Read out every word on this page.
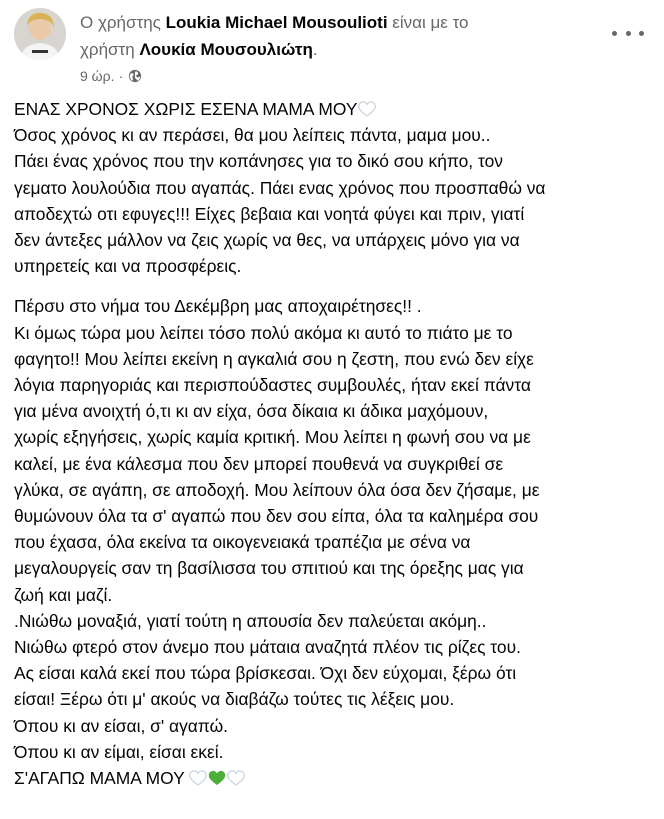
Ο χρήστης Loukia Michael Mousoulioti είναι με το
χρήστη Λουκία Μουσουλιώτη.
9 ώρ. ·

ΕΝΑΣ ΧΡΟΝΟΣ ΧΩΡΙΣ ΕΣΕΝΑ ΜΑΜΑ ΜΟΥ

Όσος χρόνος κι αν περάσει, θα μου λείπεις πάντα, μαμα μου..

Πάει ένας χρόνος που την κοπάνησες για το δικό σου κήπο, τον

γεματο λουλούδια που αγαπάς. Πάει ενας χρόνος που προσπαθώ να

αποδεχτώ οτι εφυγες!!! Είχες βεβαια και νοητά φύγει και πριν, γιατί

δεν άντεξες μάλλον να ζεις χωρίς να θες, να υπάρχεις μόνο για να

υπηρετείς και να προσφέρεις.

Πέρσυ στο νήμα του Δεκέμβρη μας αποχαιρέτησες!! .

Κι όμως τώρα μου λείπει τόσο πολύ ακόμα κι αυτό το πιάτο με το

φαγητο!! Μου λείπει εκείνη η αγκαλιά σου η ζεστη, που ενώ δεν είχε

λόγια παρηγοριάς και περισπούδαστες συμβουλές, ήταν εκεί πάντα

για μένα ανοιχτή ό,τι κι αν είχα, όσα δίκαια κι άδικα μαχόμουν,

χωρίς εξηγήσεις, χωρίς καμία κριτική. Μου λείπει η φωνή σου να με

καλεί, με ένα κάλεσμα που δεν μπορεί πουθενά να συγκριθεί σε

γλύκα, σε αγάπη, σε αποδοχή. Μου λείπουν όλα όσα δεν ζήσαμε, με

θυμώνουν όλα τα σ' αγαπώ που δεν σου είπα, όλα τα καλημέρα σου

που έχασα, όλα εκείνα τα οικογενειακά τραπέζια με σένα να

μεγαλουργείς σαν τη βασίλισσα του σπιτιού και της όρεξης μας για

ζωή και μαζί.

.Νιώθω μοναξιά, γιατί τούτη η απουσία δεν παλεύεται ακόμη..

Νιώθω φτερό στον άνεμο που μάταια αναζητά πλέον τις ρίζες του.

Ας είσαι καλά εκεί που τώρα βρίσκεσαι. Όχι δεν εύχομαι, ξέρω ότι

είσαι! Ξέρω ότι μ' ακούς να διαβάζω τούτες τις λέξεις μου.

Όπου κι αν είσαι, σ' αγαπώ.

Όπου κι αν είμαι, είσαι εκεί.

Σ'ΑΓΑΠΩ ΜΑΜΑ ΜΟΥ
